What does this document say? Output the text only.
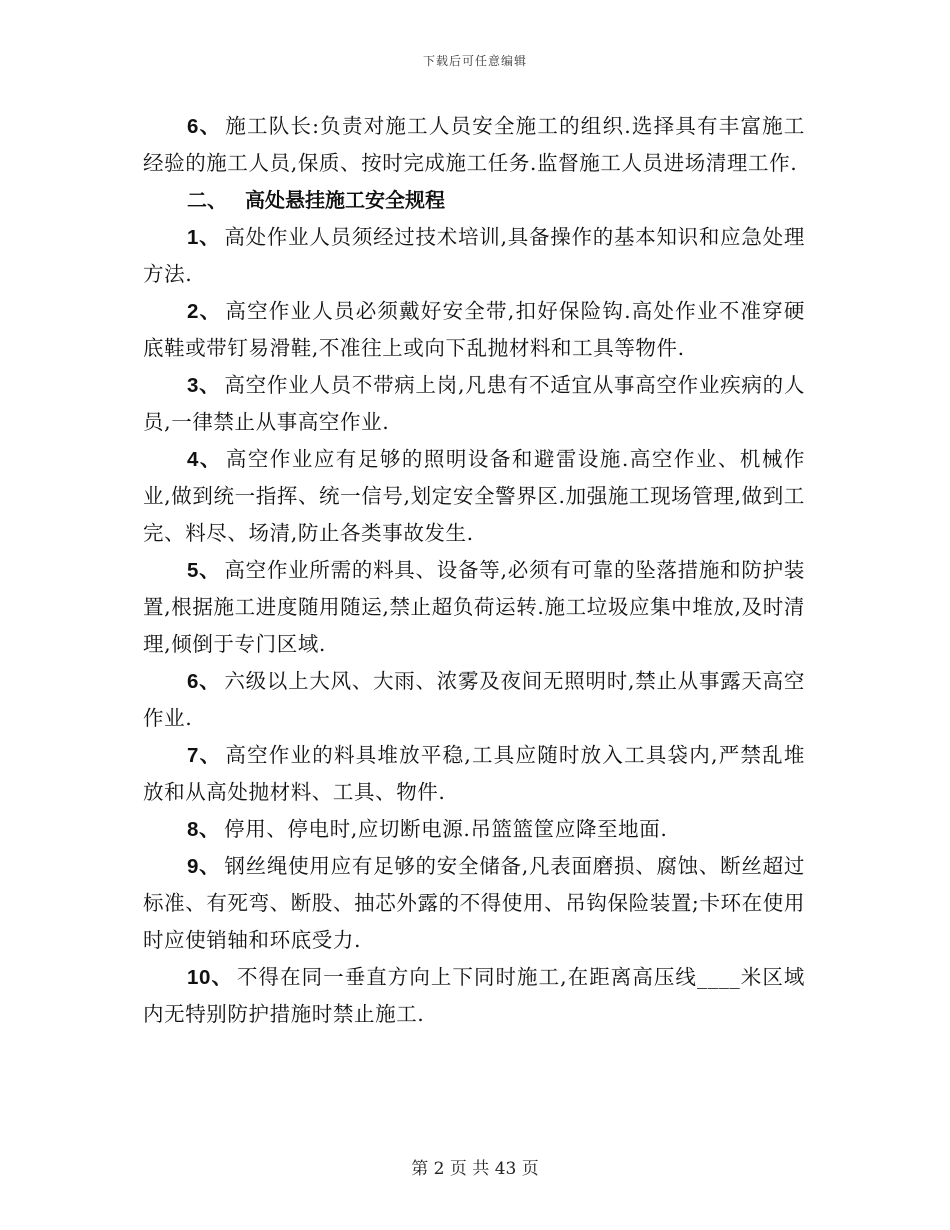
下载后可任意编辑

6、 施工队长:负责对施工人员安全施工的组织.选择具有丰富施工经验的施工人员,保质、按时完成施工任务.监督施工人员进场清理工作.

二、 高处悬挂施工安全规程

1、 高处作业人员须经过技术培训,具备操作的基本知识和应急处理方法.

2、 高空作业人员必须戴好安全带,扣好保险钩.高处作业不准穿硬底鞋或带钉易滑鞋,不准往上或向下乱抛材料和工具等物件.

3、 高空作业人员不带病上岗,凡患有不适宜从事高空作业疾病的人员,一律禁止从事高空作业.

4、 高空作业应有足够的照明设备和避雷设施.高空作业、机械作业,做到统一指挥、统一信号,划定安全警界区.加强施工现场管理,做到工完、料尽、场清,防止各类事故发生.

5、 高空作业所需的料具、设备等,必须有可靠的坠落措施和防护装置,根据施工进度随用随运,禁止超负荷运转.施工垃圾应集中堆放,及时清理,倾倒于专门区域.

6、 六级以上大风、大雨、浓雾及夜间无照明时,禁止从事露天高空作业.

7、 高空作业的料具堆放平稳,工具应随时放入工具袋内,严禁乱堆放和从高处抛材料、工具、物件.

8、 停用、停电时,应切断电源.吊篮篮筐应降至地面.

9、 钢丝绳使用应有足够的安全储备,凡表面磨损、腐蚀、断丝超过标准、有死弯、断股、抽芯外露的不得使用、吊钩保险装置;卡环在使用时应使销轴和环底受力.

10、 不得在同一垂直方向上下同时施工,在距离高压线____米区域内无特别防护措施时禁止施工.

第 2 页 共 43 页
